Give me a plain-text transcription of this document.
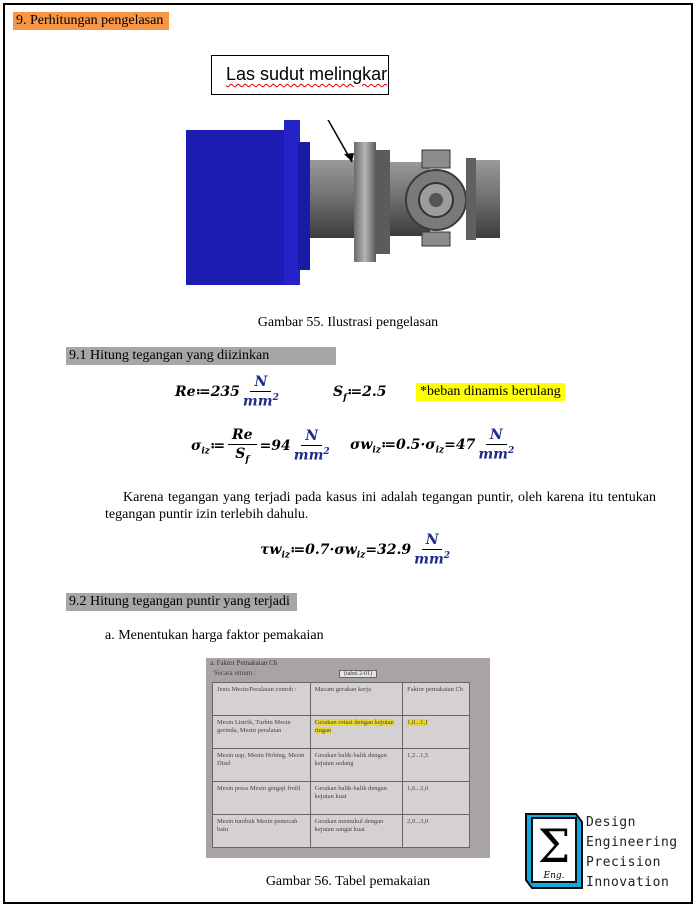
9. Perhitungan pengelasan
Las sudut melingkar
Gambar 55. Ilustrasi pengelasan
9.1 Hitung tegangan yang diizinkan
Re≔235 $\frac{N}{mm^2}$	$S_f≔2.5$ *beban dinamis berulang
$\sigma_{iz}≔ \frac{Re}{S_f} =94 \frac{N}{mm^2}$ $\sigma w_{iz}≔0.5\cdot\sigma_{iz}=47 \frac{N}{mm^2}$
Karena tegangan yang terjadi pada kasus ini adalah tegangan puntir, oleh karena itu tentukan tegangan puntir izin terlebih dahulu.
$\tau w_{iz}≔0.7\cdot\sigma w_{iz}=32.9 \frac{N}{mm^2}$
9.2 Hitung tegangan puntir yang terjadi
a. Menentukan harga faktor pemakaian
a. Faktor Pemakaian Cb
Secara umum :	(tabel 2-01)
Jenis Mesin/Peralatan contoh :	Macam gerakan kerja	Faktor pemakaian Cb
Mesin Listrik, Turbin Mesin gerinda, Mesin peralatan	Gerakan rotasi dengan kejutan ringan	1,0...1,1
Mesin uap, Mesin Hobing, Mesin Disel	Gerakan balik-balik dengan kejutan sedang	1,2...1,5
Mesin press Mesin gergaji frofil	Gerakan balik-balik dengan kejutan kuat	1,6...2,0
Mesin tumbuk Mesin pemecah batu	Gerakan memukul dengan kejutan sangat kuat	2,0...3,0
Gambar 56. Tabel pemakaian
Σ
Eng.
Design
Engineering
Precision
Innovation
